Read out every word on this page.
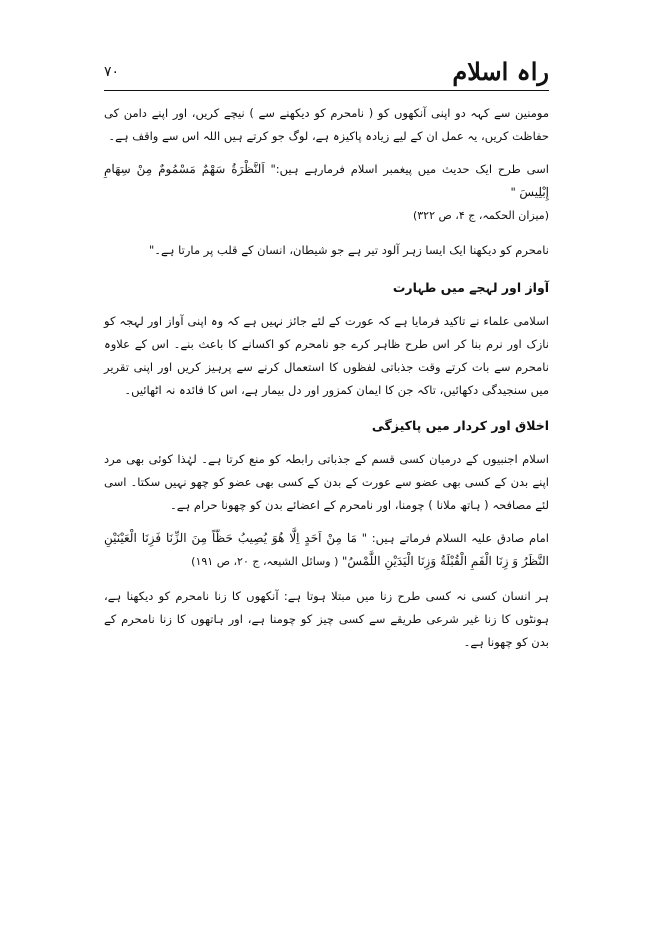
راہ اسلام
۷۰

مومنین سے کہہ دو اپنی آنکھوں کو ( نامحرم کو دیکھنے سے ) نیچے کریں، اور اپنے دامن کی حفاظت کریں، یہ عمل ان کے لیے زیادہ پاکیزہ ہے، لوگ جو کرتے ہیں اللہ اس سے واقف ہے۔

اسی طرح ایک حدیث میں پیغمبر اسلام فرمارہے ہیں:" اَلنَّظْرَةُ سَهْمٌ مَسْمُومٌ مِنْ سِهَامِ إِبْلِيسَ "
(میزان الحکمہ، ج ۴، ص ۳۲۲)

نامحرم کو دیکھنا ایک ایسا زہر آلود تیر ہے جو شیطان، انسان کے قلب پر مارتا ہے۔"

آواز اور لہجے میں طہارت

اسلامی علماء نے تاکید فرمایا ہے کہ عورت کے لئے جائز نہیں ہے کہ وہ اپنی آواز اور لہجہ کو نازک اور نرم بنا کر اس طرح ظاہر کرے جو نامحرم کو اکسانے کا باعث بنے۔ اس کے علاوہ نامحرم سے بات کرتے وقت جذباتی لفظوں کا استعمال کرنے سے پرہیز کریں اور اپنی تقریر میں سنجیدگی دکھائیں، تاکہ جن کا ایمان کمزور اور دل بیمار ہے، اس کا فائدہ نہ اٹھائیں۔

اخلاق اور کردار میں پاکیزگی

اسلام اجنبیوں کے درمیان کسی قسم کے جذباتی رابطہ کو منع کرتا ہے۔ لہٰذا کوئی بھی مرد اپنے بدن کے کسی بھی عضو سے عورت کے بدن کے کسی بھی عضو کو چھو نہیں سکتا۔ اسی لئے مصافحہ ( ہاتھ ملانا ) چومنا، اور نامحرم کے اعضائے بدن کو چھونا حرام ہے۔

امام صادق علیہ السلام فرماتے ہیں: " مَا مِنْ اَحَدٍ اِلَّا هُوَ يُصِيبُ حَظّاً مِنَ الزِّنَا فَزِنَا الْعَيْنَيْنِ النَّظَرُ وَ زِنَا الْفَمِ الْقُبْلَةُ وَزِنَا الْيَدَيْنِ اللَّمْسُ" ( وسائل الشیعہ، ج ۲۰، ص ۱۹۱)

ہر انسان کسی نہ کسی طرح زنا میں مبتلا ہوتا ہے: آنکھوں کا زنا نامحرم کو دیکھنا ہے، ہونٹوں کا زنا غیر شرعی طریقے سے کسی چیز کو چومنا ہے، اور ہاتھوں کا زنا نامحرم کے بدن کو چھونا ہے۔
